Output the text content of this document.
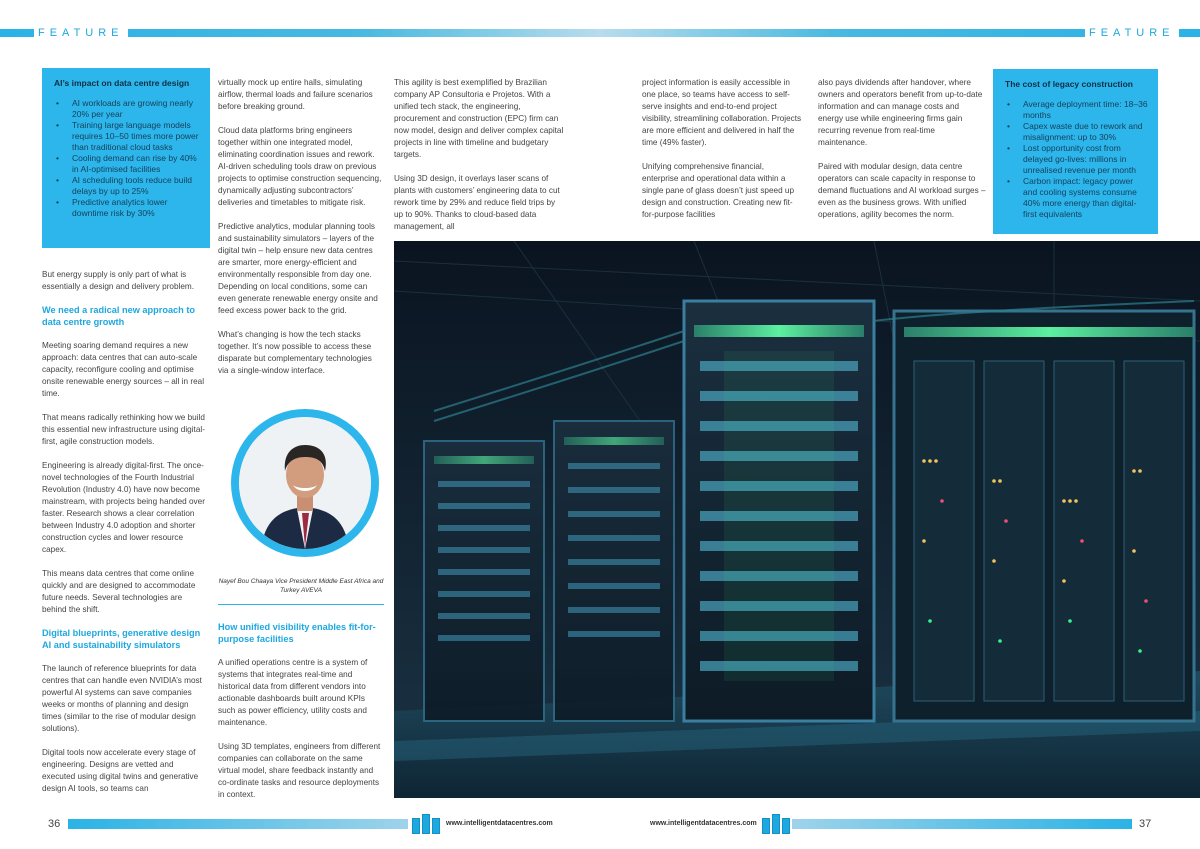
FEATURE	FEATURE
AI’s impact on data centre design
• AI workloads are growing nearly 20% per year
• Training large language models requires 10–50 times more power than traditional cloud tasks
• Cooling demand can rise by 40% in AI-optimised facilities
• AI scheduling tools reduce build delays by up to 25%
• Predictive analytics lower downtime risk by 30%

But energy supply is only part of what is essentially a design and delivery problem.

We need a radical new approach to data centre growth

Meeting soaring demand requires a new approach: data centres that can auto-scale capacity, reconfigure cooling and optimise onsite renewable energy sources – all in real time.

That means radically rethinking how we build this essential new infrastructure using digital-first, agile construction models.

Engineering is already digital-first. The once-novel technologies of the Fourth Industrial Revolution (Industry 4.0) have now become mainstream, with projects being handed over faster. Research shows a clear correlation between Industry 4.0 adoption and shorter construction cycles and lower resource capex.

This means data centres that come online quickly and are designed to accommodate future needs. Several technologies are behind the shift.

Digital blueprints, generative design AI and sustainability simulators

The launch of reference blueprints for data centres that can handle even NVIDIA’s most powerful AI systems can save companies weeks or months of planning and design times (similar to the rise of modular design solutions).

Digital tools now accelerate every stage of engineering. Designs are vetted and executed using digital twins and generative design AI tools, so teams can

virtually mock up entire halls, simulating airflow, thermal loads and failure scenarios before breaking ground.

Cloud data platforms bring engineers together within one integrated model, eliminating coordination issues and rework. AI-driven scheduling tools draw on previous projects to optimise construction sequencing, dynamically adjusting subcontractors’ deliveries and timetables to mitigate risk.

Predictive analytics, modular planning tools and sustainability simulators – layers of the digital twin – help ensure new data centres are smarter, more energy-efficient and environmentally responsible from day one. Depending on local conditions, some can even generate renewable energy onsite and feed excess power back to the grid.

What’s changing is how the tech stacks together. It’s now possible to access these disparate but complementary technologies via a single-window interface.

Nayef Bou Chaaya Vice President Middle East Africa and Turkey AVEVA
How unified visibility enables fit-for-purpose facilities

A unified operations centre is a system of systems that integrates real-time and historical data from different vendors into actionable dashboards built around KPIs such as power efficiency, utility costs and maintenance.

Using 3D templates, engineers from different companies can collaborate on the same virtual model, share feedback instantly and co-ordinate tasks and resource deployments in context.

This agility is best exemplified by Brazilian company AP Consultoria e Projetos. With a unified tech stack, the engineering, procurement and construction (EPC) firm can now model, design and deliver complex capital projects in line with timeline and budgetary targets.

Using 3D design, it overlays laser scans of plants with customers’ engineering data to cut rework time by 29% and reduce field trips by up to 90%. Thanks to cloud-based data management, all

project information is easily accessible in one place, so teams have access to self-serve insights and end-to-end project visibility, streamlining collaboration. Projects are more efficient and delivered in half the time (49% faster).

Unifying comprehensive financial, enterprise and operational data within a single pane of glass doesn’t just speed up design and construction. Creating new fit-for-purpose facilities

also pays dividends after handover, where owners and operators benefit from up-to-date information and can manage costs and energy use while engineering firms gain recurring revenue from real-time maintenance.

Paired with modular design, data centre operators can scale capacity in response to demand fluctuations and AI workload surges – even as the business grows. With unified operations, agility becomes the norm.

The cost of legacy construction
• Average deployment time: 18–36 months
• Capex waste due to rework and misalignment: up to 30%
• Lost opportunity cost from delayed go-lives: millions in unrealised revenue per month
• Carbon impact: legacy power and cooling systems consume 40% more energy than digital-first equivalents
36	www.intelligentdatacentres.com	www.intelligentdatacentres.com	37
